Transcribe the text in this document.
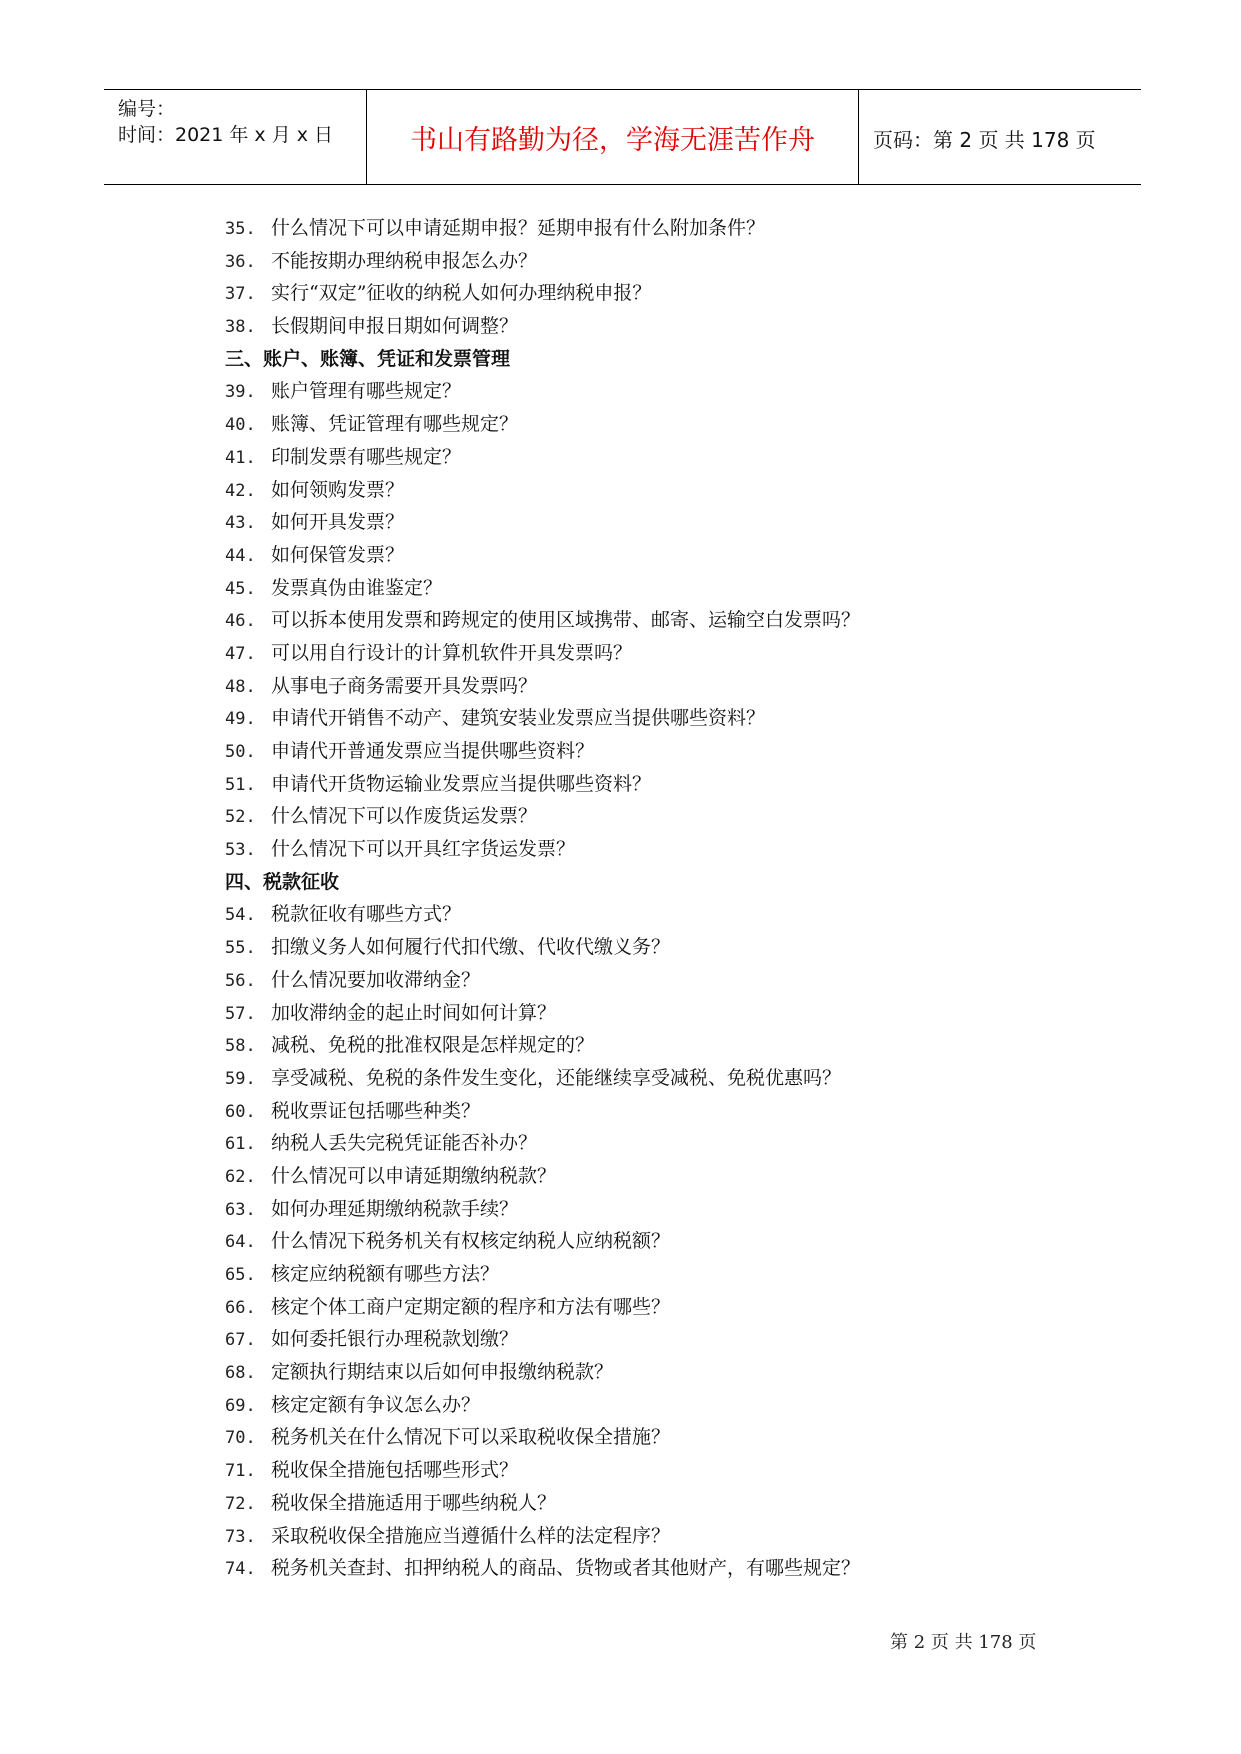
编号：
时间：2021 年 x 月 x 日	书山有路勤为径，学海无涯苦作舟	页码：第 2 页 共 178 页
35. 什么情况下可以申请延期申报？延期申报有什么附加条件？
36. 不能按期办理纳税申报怎么办？
37. 实行“双定”征收的纳税人如何办理纳税申报？
38. 长假期间申报日期如何调整？
三、账户、账簿、凭证和发票管理
39. 账户管理有哪些规定？
40. 账簿、凭证管理有哪些规定？
41. 印制发票有哪些规定？
42. 如何领购发票？
43. 如何开具发票？
44. 如何保管发票？
45. 发票真伪由谁鉴定？
46. 可以拆本使用发票和跨规定的使用区域携带、邮寄、运输空白发票吗？
47. 可以用自行设计的计算机软件开具发票吗？
48. 从事电子商务需要开具发票吗？
49. 申请代开销售不动产、建筑安装业发票应当提供哪些资料？
50. 申请代开普通发票应当提供哪些资料？
51. 申请代开货物运输业发票应当提供哪些资料？
52. 什么情况下可以作废货运发票？
53. 什么情况下可以开具红字货运发票？
四、税款征收
54. 税款征收有哪些方式？
55. 扣缴义务人如何履行代扣代缴、代收代缴义务？
56. 什么情况要加收滞纳金？
57. 加收滞纳金的起止时间如何计算？
58. 减税、免税的批准权限是怎样规定的？
59. 享受减税、免税的条件发生变化，还能继续享受减税、免税优惠吗？
60. 税收票证包括哪些种类？
61. 纳税人丢失完税凭证能否补办？
62. 什么情况可以申请延期缴纳税款？
63. 如何办理延期缴纳税款手续？
64. 什么情况下税务机关有权核定纳税人应纳税额？
65. 核定应纳税额有哪些方法？
66. 核定个体工商户定期定额的程序和方法有哪些？
67. 如何委托银行办理税款划缴？
68. 定额执行期结束以后如何申报缴纳税款？
69. 核定定额有争议怎么办？
70. 税务机关在什么情况下可以采取税收保全措施？
71. 税收保全措施包括哪些形式？
72. 税收保全措施适用于哪些纳税人？
73. 采取税收保全措施应当遵循什么样的法定程序？
74. 税务机关查封、扣押纳税人的商品、货物或者其他财产，有哪些规定？
第 2 页 共 178 页
